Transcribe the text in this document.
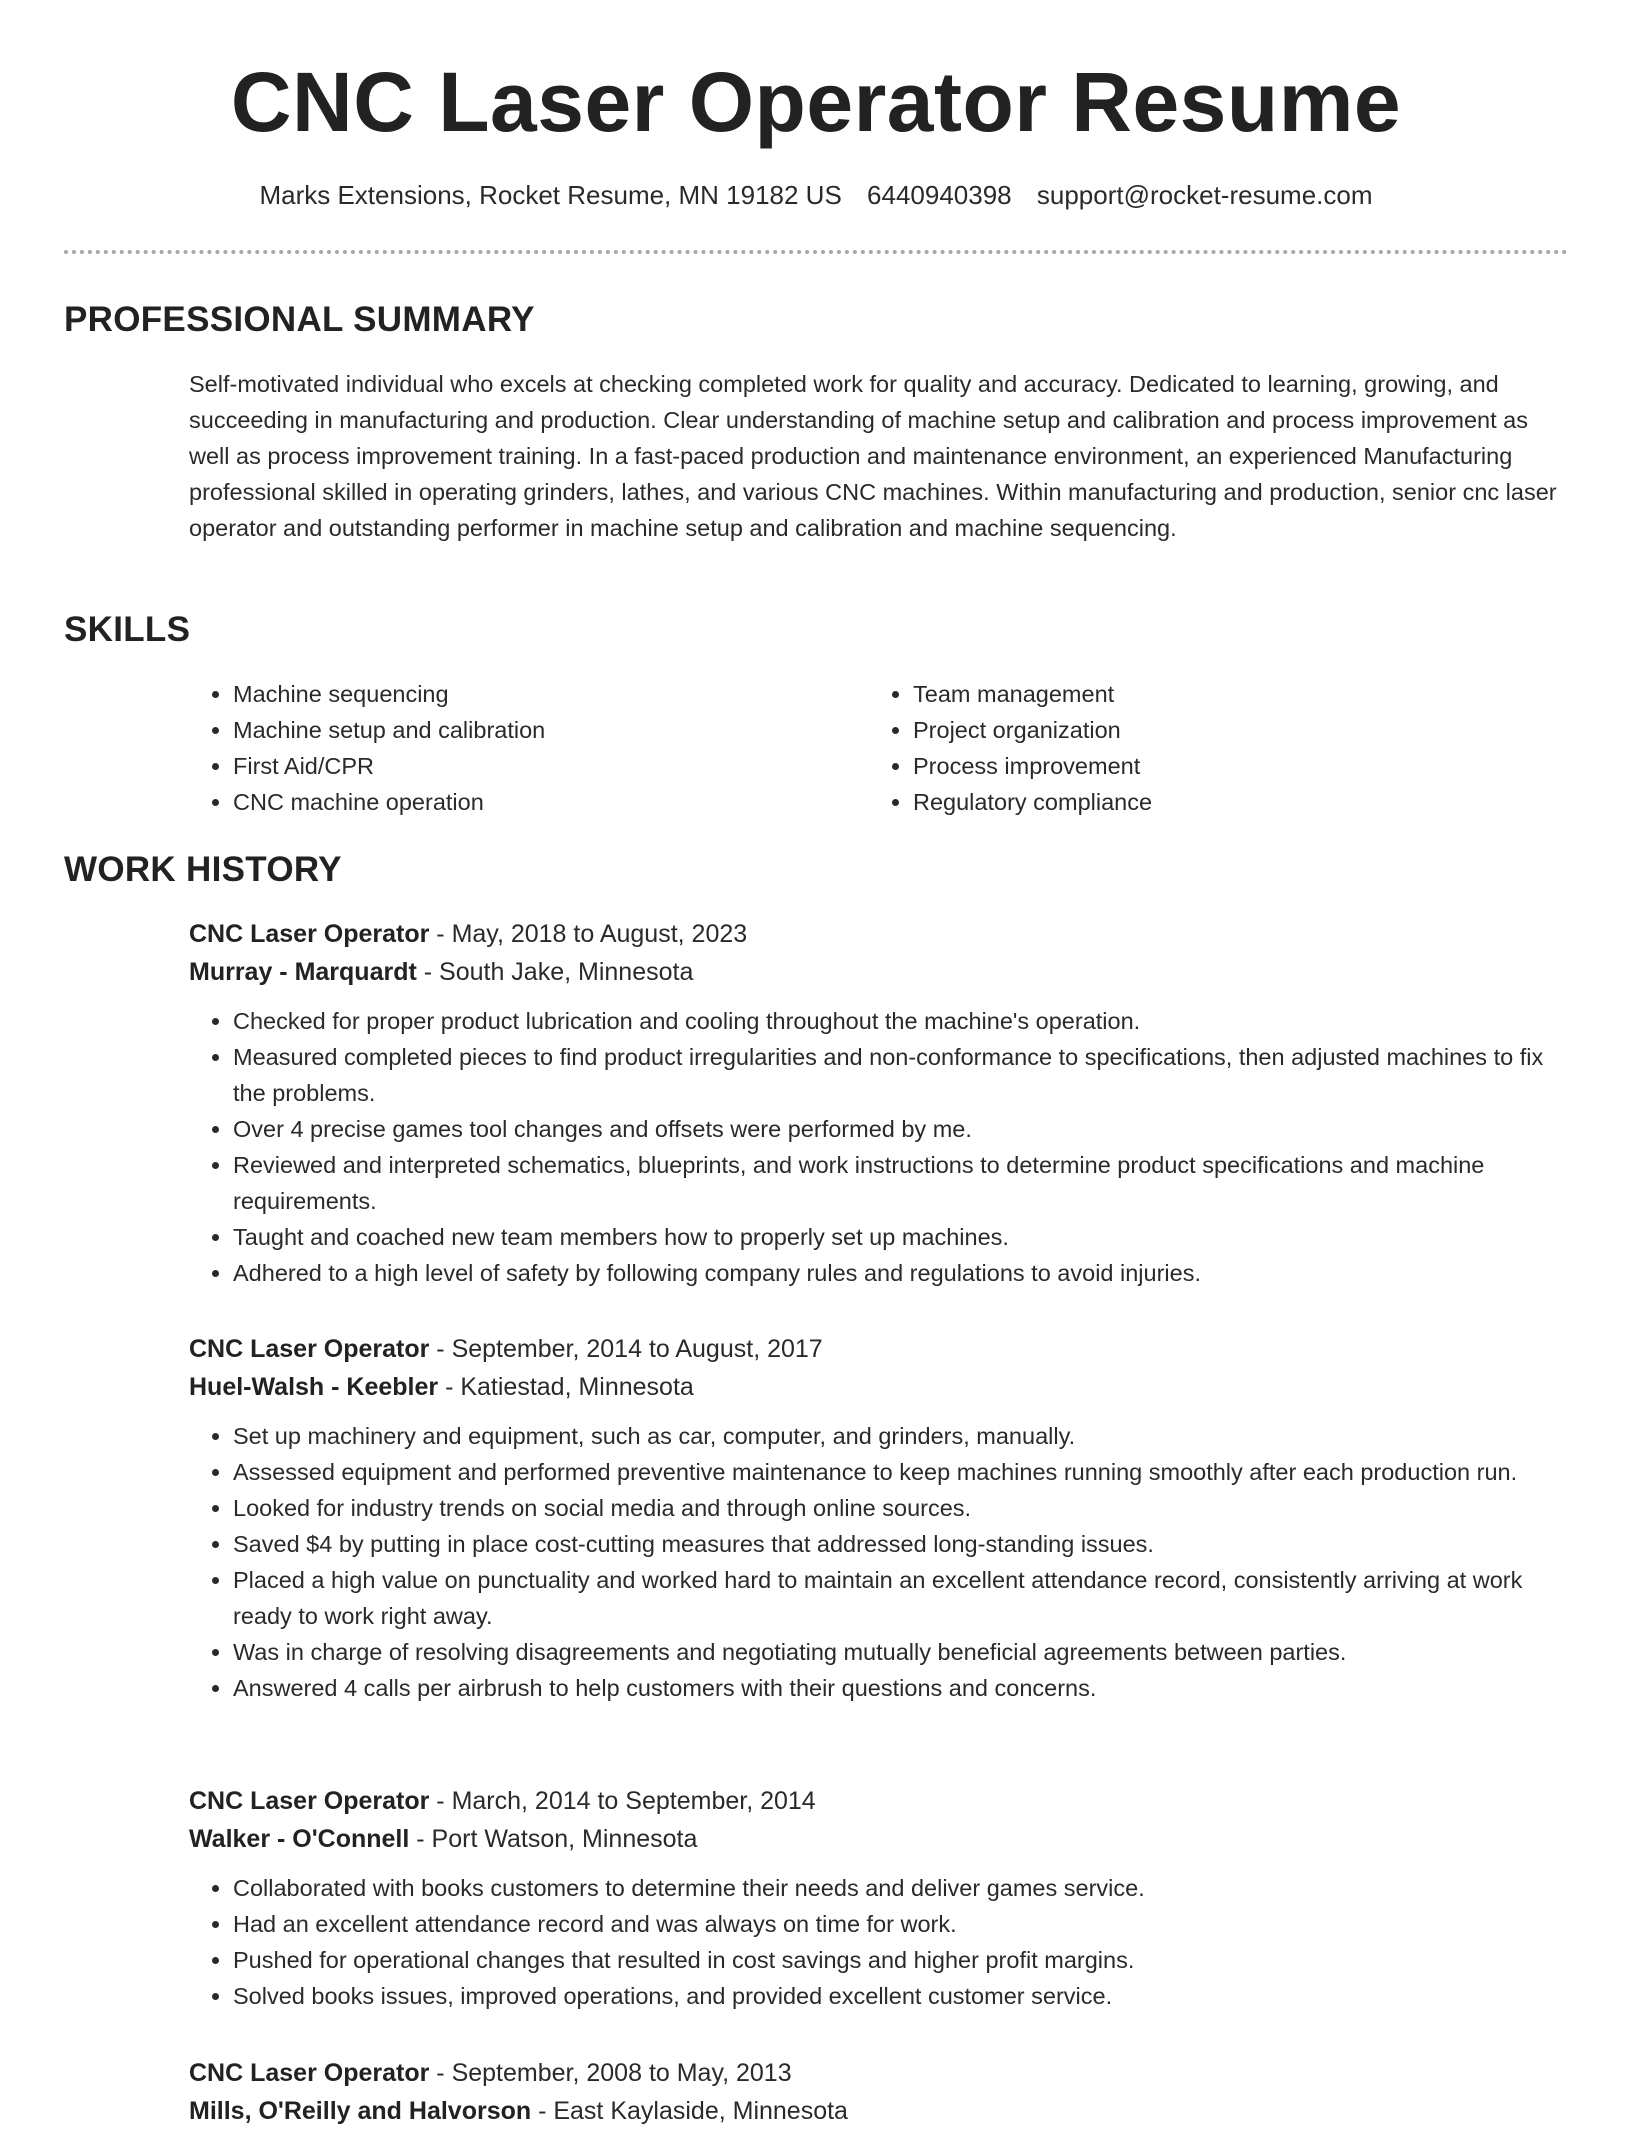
CNC Laser Operator Resume
Marks Extensions, Rocket Resume, MN 19182 US 6440940398 support@rocket-resume.com
PROFESSIONAL SUMMARY

Self-motivated individual who excels at checking completed work for quality and accuracy. Dedicated to learning, growing, and succeeding in manufacturing and production. Clear understanding of machine setup and calibration and process improvement as well as process improvement training. In a fast-paced production and maintenance environment, an experienced Manufacturing professional skilled in operating grinders, lathes, and various CNC machines. Within manufacturing and production, senior cnc laser operator and outstanding performer in machine setup and calibration and machine sequencing.

SKILLS
• Machine sequencing
• Machine setup and calibration
• First Aid/CPR
• CNC machine operation
• Team management
• Project organization
• Process improvement
• Regulatory compliance
WORK HISTORY

CNC Laser Operator - May, 2018 to August, 2023

Murray - Marquardt - South Jake, Minnesota

• Checked for proper product lubrication and cooling throughout the machine's operation.
• Measured completed pieces to find product irregularities and non-conformance to specifications, then adjusted machines to fix the problems.
• Over 4 precise games tool changes and offsets were performed by me.
• Reviewed and interpreted schematics, blueprints, and work instructions to determine product specifications and machine requirements.
• Taught and coached new team members how to properly set up machines.
• Adhered to a high level of safety by following company rules and regulations to avoid injuries.

CNC Laser Operator - September, 2014 to August, 2017

Huel-Walsh - Keebler - Katiestad, Minnesota

• Set up machinery and equipment, such as car, computer, and grinders, manually.
• Assessed equipment and performed preventive maintenance to keep machines running smoothly after each production run.
• Looked for industry trends on social media and through online sources.
• Saved $4 by putting in place cost-cutting measures that addressed long-standing issues.
• Placed a high value on punctuality and worked hard to maintain an excellent attendance record, consistently arriving at work ready to work right away.
• Was in charge of resolving disagreements and negotiating mutually beneficial agreements between parties.
• Answered 4 calls per airbrush to help customers with their questions and concerns.

CNC Laser Operator - March, 2014 to September, 2014

Walker - O'Connell - Port Watson, Minnesota

• Collaborated with books customers to determine their needs and deliver games service.
• Had an excellent attendance record and was always on time for work.
• Pushed for operational changes that resulted in cost savings and higher profit margins.
• Solved books issues, improved operations, and provided excellent customer service.

CNC Laser Operator - September, 2008 to May, 2013

Mills, O'Reilly and Halvorson - East Kaylaside, Minnesota
